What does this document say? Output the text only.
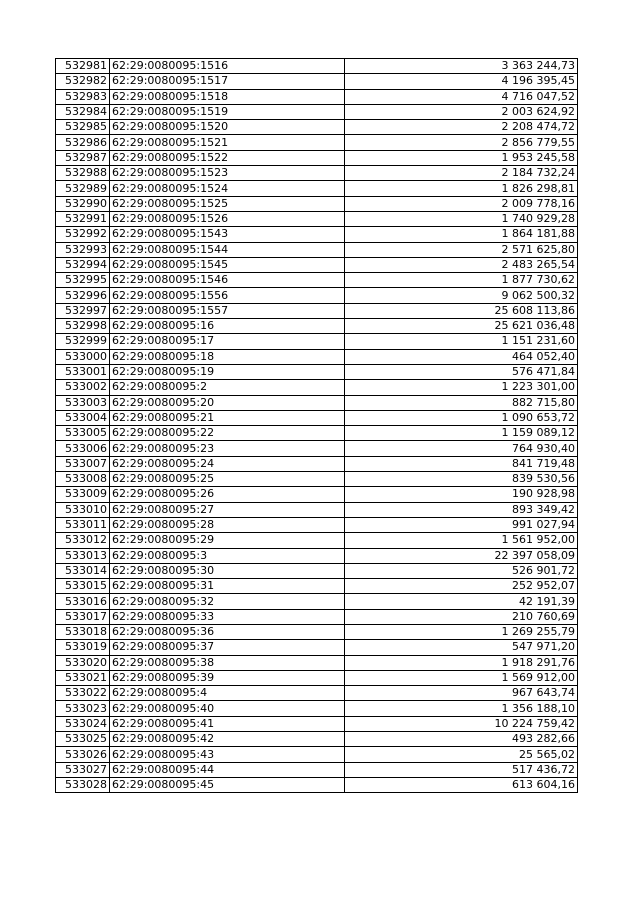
532981	62:29:0080095:1516	3 363 244,73
532982	62:29:0080095:1517	4 196 395,45
532983	62:29:0080095:1518	4 716 047,52
532984	62:29:0080095:1519	2 003 624,92
532985	62:29:0080095:1520	2 208 474,72
532986	62:29:0080095:1521	2 856 779,55
532987	62:29:0080095:1522	1 953 245,58
532988	62:29:0080095:1523	2 184 732,24
532989	62:29:0080095:1524	1 826 298,81
532990	62:29:0080095:1525	2 009 778,16
532991	62:29:0080095:1526	1 740 929,28
532992	62:29:0080095:1543	1 864 181,88
532993	62:29:0080095:1544	2 571 625,80
532994	62:29:0080095:1545	2 483 265,54
532995	62:29:0080095:1546	1 877 730,62
532996	62:29:0080095:1556	9 062 500,32
532997	62:29:0080095:1557	25 608 113,86
532998	62:29:0080095:16	25 621 036,48
532999	62:29:0080095:17	1 151 231,60
533000	62:29:0080095:18	464 052,40
533001	62:29:0080095:19	576 471,84
533002	62:29:0080095:2	1 223 301,00
533003	62:29:0080095:20	882 715,80
533004	62:29:0080095:21	1 090 653,72
533005	62:29:0080095:22	1 159 089,12
533006	62:29:0080095:23	764 930,40
533007	62:29:0080095:24	841 719,48
533008	62:29:0080095:25	839 530,56
533009	62:29:0080095:26	190 928,98
533010	62:29:0080095:27	893 349,42
533011	62:29:0080095:28	991 027,94
533012	62:29:0080095:29	1 561 952,00
533013	62:29:0080095:3	22 397 058,09
533014	62:29:0080095:30	526 901,72
533015	62:29:0080095:31	252 952,07
533016	62:29:0080095:32	42 191,39
533017	62:29:0080095:33	210 760,69
533018	62:29:0080095:36	1 269 255,79
533019	62:29:0080095:37	547 971,20
533020	62:29:0080095:38	1 918 291,76
533021	62:29:0080095:39	1 569 912,00
533022	62:29:0080095:4	967 643,74
533023	62:29:0080095:40	1 356 188,10
533024	62:29:0080095:41	10 224 759,42
533025	62:29:0080095:42	493 282,66
533026	62:29:0080095:43	25 565,02
533027	62:29:0080095:44	517 436,72
533028	62:29:0080095:45	613 604,16
